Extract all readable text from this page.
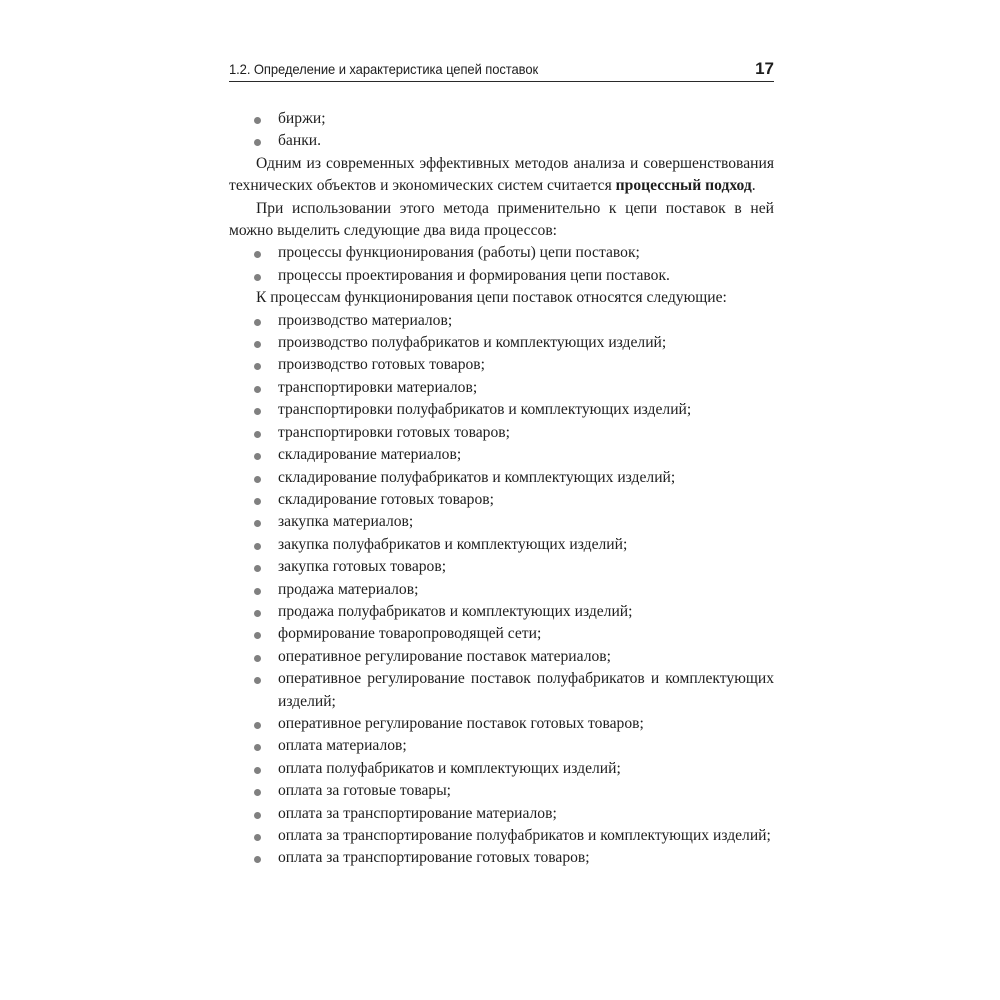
1.2. Определение и характеристика цепей поставок	17
биржи;
банки.

Одним из современных эффективных методов анализа и совершенствования технических объектов и экономических систем считается процессный подход.

При использовании этого метода применительно к цепи поставок в ней можно выделить следующие два вида процессов:

процессы функционирования (работы) цепи поставок;
процессы проектирования и формирования цепи поставок.

К процессам функционирования цепи поставок относятся следующие:

производство материалов;
производство полуфабрикатов и комплектующих изделий;
производство готовых товаров;
транспортировки материалов;
транспортировки полуфабрикатов и комплектующих изделий;
транспортировки готовых товаров;
складирование материалов;
складирование полуфабрикатов и комплектующих изделий;
складирование готовых товаров;
закупка материалов;
закупка полуфабрикатов и комплектующих изделий;
закупка готовых товаров;
продажа материалов;
продажа полуфабрикатов и комплектующих изделий;
формирование товаропроводящей сети;
оперативное регулирование поставок материалов;
оперативное регулирование поставок полуфабрикатов и комплектующих изделий;
оперативное регулирование поставок готовых товаров;
оплата материалов;
оплата полуфабрикатов и комплектующих изделий;
оплата за готовые товары;
оплата за транспортирование материалов;
оплата за транспортирование полуфабрикатов и комплектующих изделий;
оплата за транспортирование готовых товаров;
